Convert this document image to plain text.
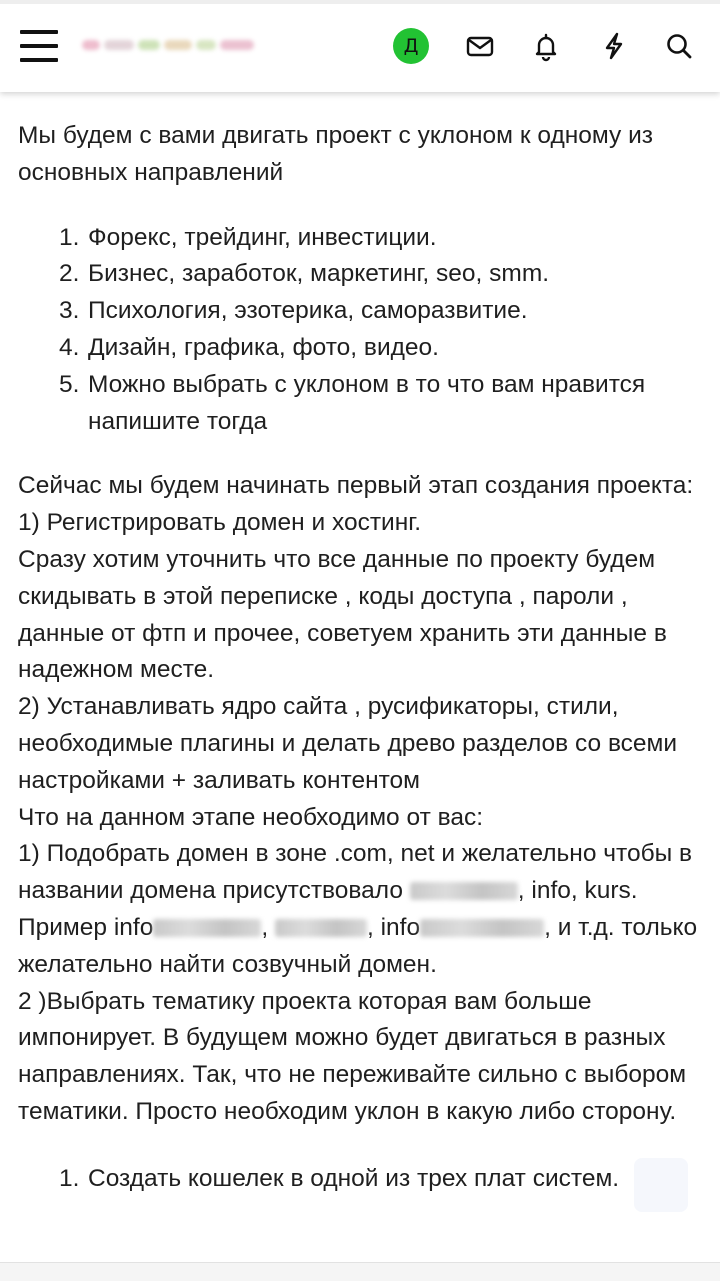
Д

Мы будем с вами двигать проект с уклоном к одному из основных направлений

1. Форекс, трейдинг, инвестиции.
2. Бизнес, заработок, маркетинг, seo, smm.
3. Психология, эзотерика, саморазвитие.
4. Дизайн, графика, фото, видео.
5. Можно выбрать с уклоном в то что вам нравится напишите тогда

Сейчас мы будем начинать первый этап создания проекта:

1) Регистрировать домен и хостинг.

Сразу хотим уточнить что все данные по проекту будем скидывать в этой переписке , коды доступа , пароли , данные от фтп и прочее, советуем хранить эти данные в надежном месте.

2) Устанавливать ядро сайта , русификаторы, стили, необходимые плагины и делать древо разделов со всеми настройками + заливать контентом

Что на данном этапе необходимо от вас:

1) Подобрать домен в зоне .com, net и желательно чтобы в названии домена присутствовало	, info, kurs. Пример info	,	, info	, и т.д. только желательно найти созвучный домен.

2 )Выбрать тематику проекта которая вам больше импонирует. В будущем можно будет двигаться в разных направлениях. Так, что не переживайте сильно с выбором тематики. Просто необходим уклон в какую либо сторону.

1. Создать кошелек в одной из трех плат систем.
